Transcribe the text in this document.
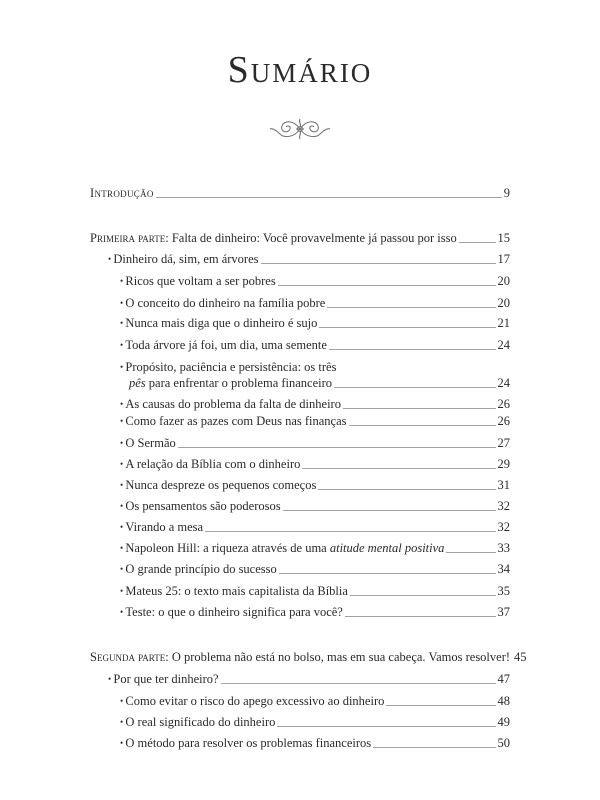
Sumário
Introdução	9
Primeira parte: Falta de dinheiro: Você provavelmente já passou por isso	15
• Dinheiro dá, sim, em árvores	17
• Ricos que voltam a ser pobres	20
• O conceito do dinheiro na família pobre	20
• Nunca mais diga que o dinheiro é sujo	21
• Toda árvore já foi, um dia, uma semente	24
• Propósito, paciência e persistência: os três
pês para enfrentar o problema financeiro	24
• As causas do problema da falta de dinheiro	26
• Como fazer as pazes com Deus nas finanças	26
• O Sermão	27
• A relação da Bíblia com o dinheiro	29
• Nunca despreze os pequenos começos	31
• Os pensamentos são poderosos	32
• Virando a mesa	32
• Napoleon Hill: a riqueza através de uma atitude mental positiva	33
• O grande princípio do sucesso	34
• Mateus 25: o texto mais capitalista da Bíblia	35
• Teste: o que o dinheiro significa para você?	37
Segunda parte: O problema não está no bolso, mas em sua cabeça. Vamos resolver! 45
• Por que ter dinheiro?	47
• Como evitar o risco do apego excessivo ao dinheiro	48
• O real significado do dinheiro	49
• O método para resolver os problemas financeiros	50
